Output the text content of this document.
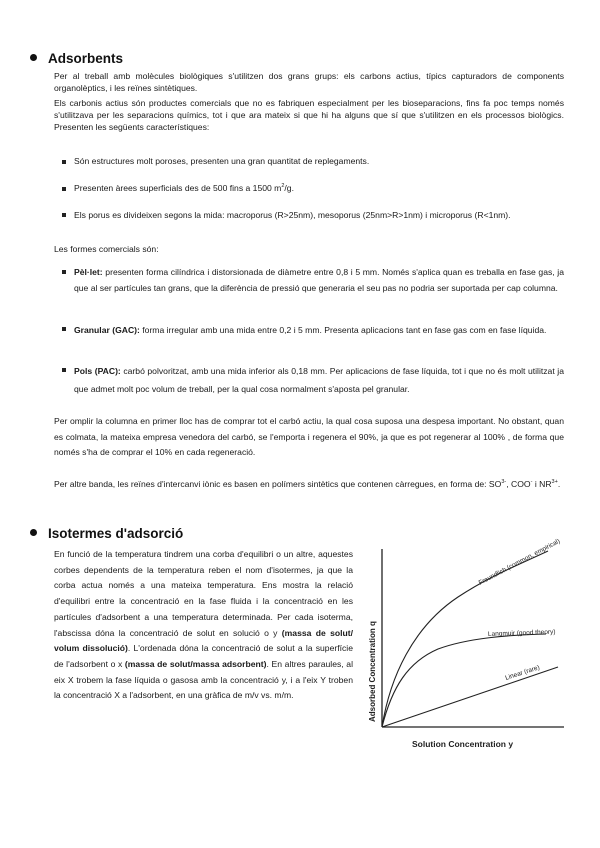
Adsorbents
Per al treball amb molècules biològiques s'utilitzen dos grans grups: els carbons actius, típics capturadors de components organolèptics, i les reïnes sintètiques.
Els carbonis actius són productes comercials que no es fabriquen especialment per les bioseparacions, fins fa poc temps només s'utilitzava per les separacions químics, tot i que ara mateix si que hi ha alguns que sí que s'utilitzen en els processos biològics. Presenten les següents característiques:
Són estructures molt poroses, presenten una gran quantitat de replegaments.
Presenten àrees superficials des de 500 fins a 1500 $m^2/g$.
Els porus es divideixen segons la mida: macroporus (R>25nm), mesoporus (25nm>R>1nm) i microporus (R<1nm).
Les formes comercials són:
Pèl·let: presenten forma cilíndrica i distorsionada de diàmetre entre 0,8 i 5 mm. Només s'aplica quan es treballa en fase gas, ja que al ser partícules tan grans, que la diferència de pressió que generaria el seu pas no podria ser suportada per cap columna.
Granular (GAC): forma irregular amb una mida entre 0,2 i 5 mm. Presenta aplicacions tant en fase gas com en fase líquida.
Pols (PAC): carbó polvoritzat, amb una mida inferior als 0,18 mm. Per aplicacions de fase líquida, tot i que no és molt utilitzat ja que admet molt poc volum de treball, per la qual cosa normalment s'aposta pel granular.
Per omplir la columna en primer lloc has de comprar tot el carbó actiu, la qual cosa suposa una despesa important. No obstant, quan es colmata, la mateixa empresa venedora del carbó, se l'emporta i regenera el 90%, ja que es pot regenerar al 100% , de forma que només s'ha de comprar el 10% en cada regeneració.
Per altre banda, les reïnes d'intercanvi iònic es basen en polímers sintètics que contenen càrregues, en forma de: $SO^{3-}$, COO- i $NR^{3+}$.
Isotermes d'adsorció
En funció de la temperatura tindrem una corba d'equilibri o un altre, aquestes corbes dependents de la temperatura reben el nom d'isotermes, ja que la corba actua només a una mateixa temperatura. Ens mostra la relació d'equilibri entre la concentració en la fase fluida i la concentració en les partícules d'adsorbent a una temperatura determinada. Per cada isoterma, l'abscissa dóna la concentració de solut en solució o y (massa de solut/ volum dissolució). L'ordenada dóna la concentració de solut a la superfície de l'adsorbent o x (massa de solut/massa adsorbent). En altres paraules, al eix X trobem la fase líquida o gasosa amb la concentració y, i a l'eix Y troben la concentració X a l'adsorbent, en una gràfica de m/v vs. m/m.
Freundlich (common, empirical)
Langmuir (good theory)
Linear (rare)
Adsorbed Concentration q
Solution Concentration y
